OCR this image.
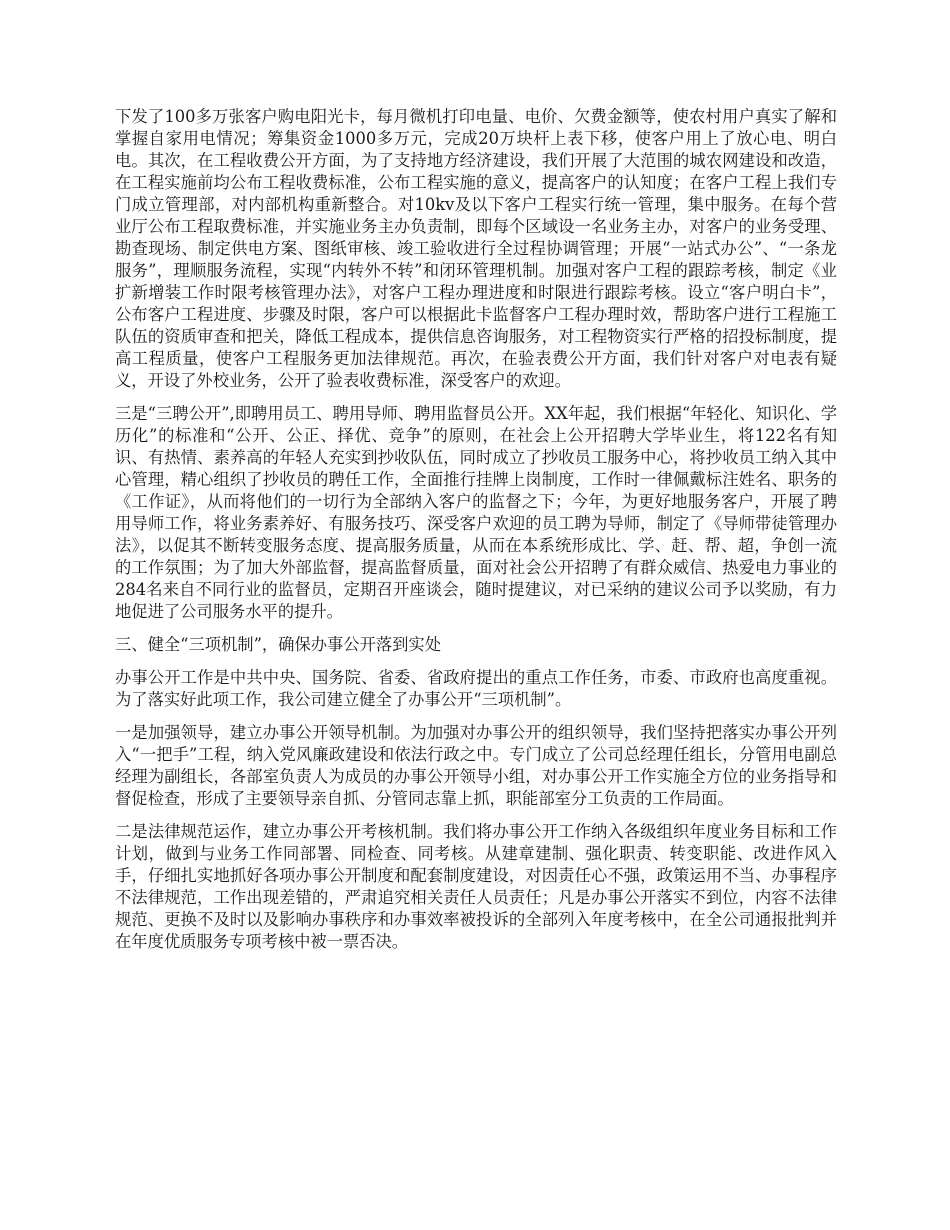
下发了100多万张客户购电阳光卡，每月微机打印电量、电价、欠费金额等，使农村用户真实了解和掌握自家用电情况；筹集资金1000多万元，完成20万块杆上表下移，使客户用上了放心电、明白电。其次，在工程收费公开方面，为了支持地方经济建设，我们开展了大范围的城农网建设和改造，在工程实施前均公布工程收费标准，公布工程实施的意义，提高客户的认知度；在客户工程上我们专门成立管理部，对内部机构重新整合。对10kv及以下客户工程实行统一管理，集中服务。在每个营业厅公布工程取费标准，并实施业务主办负责制，即每个区域设一名业务主办，对客户的业务受理、勘查现场、制定供电方案、图纸审核、竣工验收进行全过程协调管理；开展“一站式办公”、“一条龙服务”，理顺服务流程，实现“内转外不转”和闭环管理机制。加强对客户工程的跟踪考核，制定《业扩新增装工作时限考核管理办法》，对客户工程办理进度和时限进行跟踪考核。设立“客户明白卡”，公布客户工程进度、步骤及时限，客户可以根据此卡监督客户工程办理时效，帮助客户进行工程施工队伍的资质审查和把关，降低工程成本，提供信息咨询服务，对工程物资实行严格的招投标制度，提高工程质量，使客户工程服务更加法律规范。再次，在验表费公开方面，我们针对客户对电表有疑义，开设了外校业务，公开了验表收费标准，深受客户的欢迎。

三是“三聘公开”,即聘用员工、聘用导师、聘用监督员公开。XX年起，我们根据“年轻化、知识化、学历化”的标准和“公开、公正、择优、竞争”的原则，在社会上公开招聘大学毕业生，将122名有知识、有热情、素养高的年轻人充实到抄收队伍，同时成立了抄收员工服务中心，将抄收员工纳入其中心管理，精心组织了抄收员的聘任工作，全面推行挂牌上岗制度，工作时一律佩戴标注姓名、职务的《工作证》，从而将他们的一切行为全部纳入客户的监督之下；今年，为更好地服务客户，开展了聘用导师工作，将业务素养好、有服务技巧、深受客户欢迎的员工聘为导师，制定了《导师带徒管理办法》，以促其不断转变服务态度、提高服务质量，从而在本系统形成比、学、赶、帮、超，争创一流的工作氛围；为了加大外部监督，提高监督质量，面对社会公开招聘了有群众威信、热爱电力事业的284名来自不同行业的监督员，定期召开座谈会，随时提建议，对已采纳的建议公司予以奖励，有力地促进了公司服务水平的提升。

三、健全“三项机制”，确保办事公开落到实处

办事公开工作是中共中央、国务院、省委、省政府提出的重点工作任务，市委、市政府也高度重视。为了落实好此项工作，我公司建立健全了办事公开“三项机制”。

一是加强领导，建立办事公开领导机制。为加强对办事公开的组织领导，我们坚持把落实办事公开列入“一把手”工程，纳入党风廉政建设和依法行政之中。专门成立了公司总经理任组长，分管用电副总经理为副组长，各部室负责人为成员的办事公开领导小组，对办事公开工作实施全方位的业务指导和督促检查，形成了主要领导亲自抓、分管同志靠上抓，职能部室分工负责的工作局面。

二是法律规范运作，建立办事公开考核机制。我们将办事公开工作纳入各级组织年度业务目标和工作计划，做到与业务工作同部署、同检查、同考核。从建章建制、强化职责、转变职能、改进作风入手，仔细扎实地抓好各项办事公开制度和配套制度建设，对因责任心不强，政策运用不当、办事程序不法律规范，工作出现差错的，严肃追究相关责任人员责任；凡是办事公开落实不到位，内容不法律规范、更换不及时以及影响办事秩序和办事效率被投诉的全部列入年度考核中，在全公司通报批判并在年度优质服务专项考核中被一票否决。
